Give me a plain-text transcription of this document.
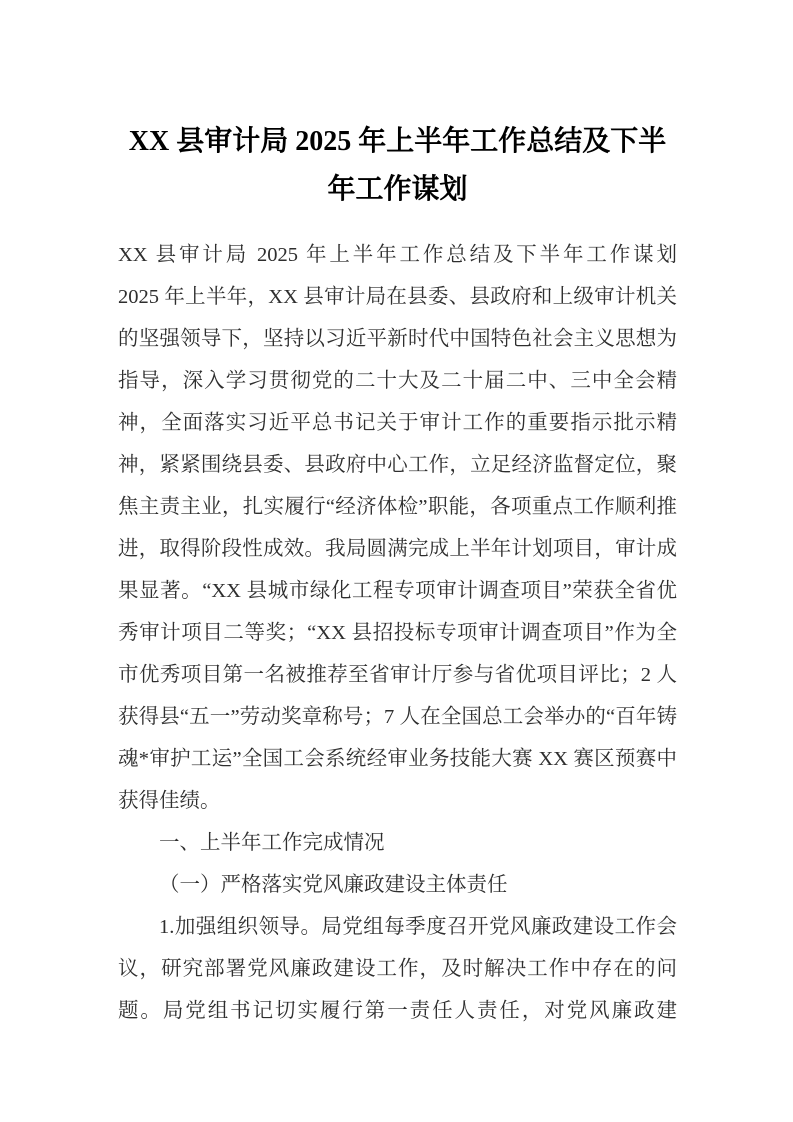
XX 县审计局 2025 年上半年工作总结及下半年工作谋划

XX 县审计局 2025 年上半年工作总结及下半年工作谋划

2025 年上半年，XX 县审计局在县委、县政府和上级审计机关的坚强领导下，坚持以习近平新时代中国特色社会主义思想为指导，深入学习贯彻党的二十大及二十届二中、三中全会精神，全面落实习近平总书记关于审计工作的重要指示批示精神，紧紧围绕县委、县政府中心工作，立足经济监督定位，聚焦主责主业，扎实履行“经济体检”职能，各项重点工作顺利推进，取得阶段性成效。我局圆满完成上半年计划项目，审计成果显著。“XX 县城市绿化工程专项审计调查项目”荣获全省优秀审计项目二等奖；“XX 县招投标专项审计调查项目”作为全市优秀项目第一名被推荐至省审计厅参与省优项目评比；2 人获得县“五一”劳动奖章称号；7 人在全国总工会举办的“百年铸魂*审护工运”全国工会系统经审业务技能大赛 XX 赛区预赛中获得佳绩。

一、上半年工作完成情况

（一）严格落实党风廉政建设主体责任

1.加强组织领导。局党组每季度召开党风廉政建设工作会议，研究部署党风廉政建设工作，及时解决工作中存在的问题。局党组书记切实履行第一责任人责任，对党风廉政建
